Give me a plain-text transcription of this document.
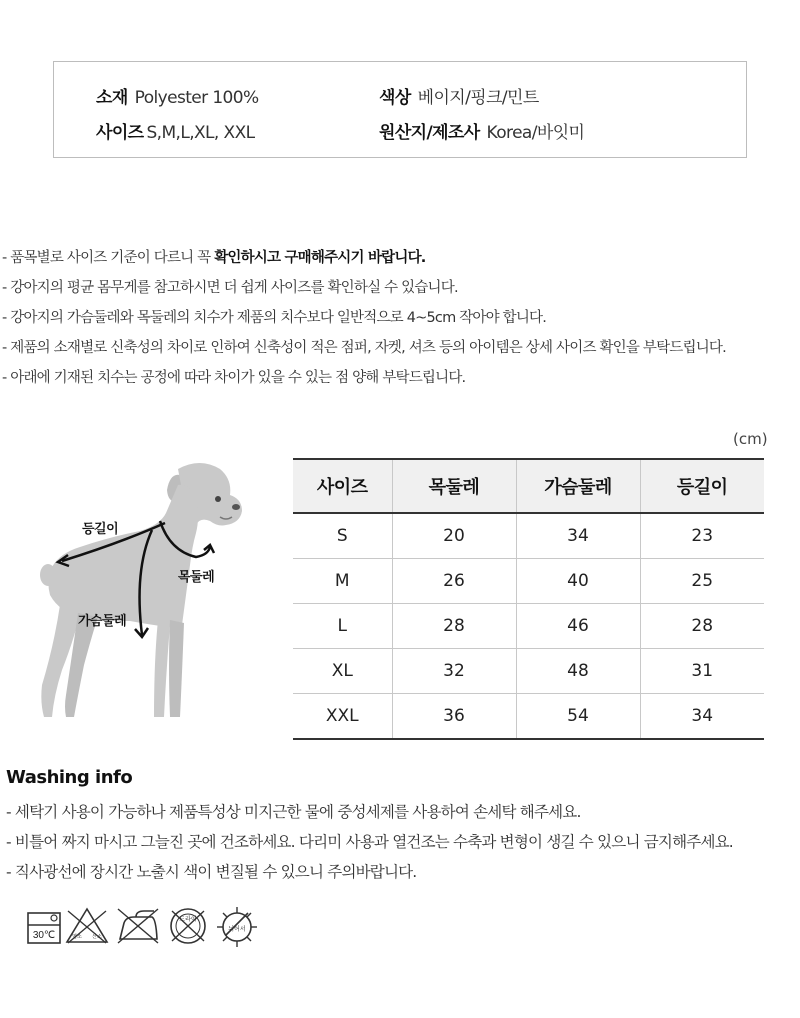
소재 Polyester 100%	색상 베이지/핑크/민트
사이즈 S,M,L,XL, XXL	원산지/제조사 Korea/바잇미
- 품목별로 사이즈 기준이 다르니 꼭 확인하시고 구매해주시기 바랍니다.
- 강아지의 평균 몸무게를 참고하시면 더 쉽게 사이즈를 확인하실 수 있습니다.
- 강아지의 가슴둘레와 목둘레의 치수가 제품의 치수보다 일반적으로 4~5cm 작아야 합니다.
- 제품의 소재별로 신축성의 차이로 인하여 신축성이 적은 점퍼, 자켓, 셔츠 등의 아이템은 상세 사이즈 확인을 부탁드립니다.
- 아래에 기재된 치수는 공정에 따라 차이가 있을 수 있는 점 양해 부탁드립니다.
(cm)
등길이
목둘레
가슴둘레
사이즈	목둘레	가슴둘레	등길이
S	20	34	23
M	26	40	25
L	28	46	28
XL	32	48	31
XXL	36	54	34
Washing info
- 세탁기 사용이 가능하나 제품특성상 미지근한 물에 중성세제를 사용하여 손세탁 해주세요.
- 비틀어 짜지 마시고 그늘진 곳에 건조하세요. 다리미 사용과 열건조는 수축과 변형이 생길 수 있으니 금지해주세요.
- 직사광선에 장시간 노출시 색이 변질될 수 있으니 주의바랍니다.
30℃	염소 산소
드라이
뉘어서
